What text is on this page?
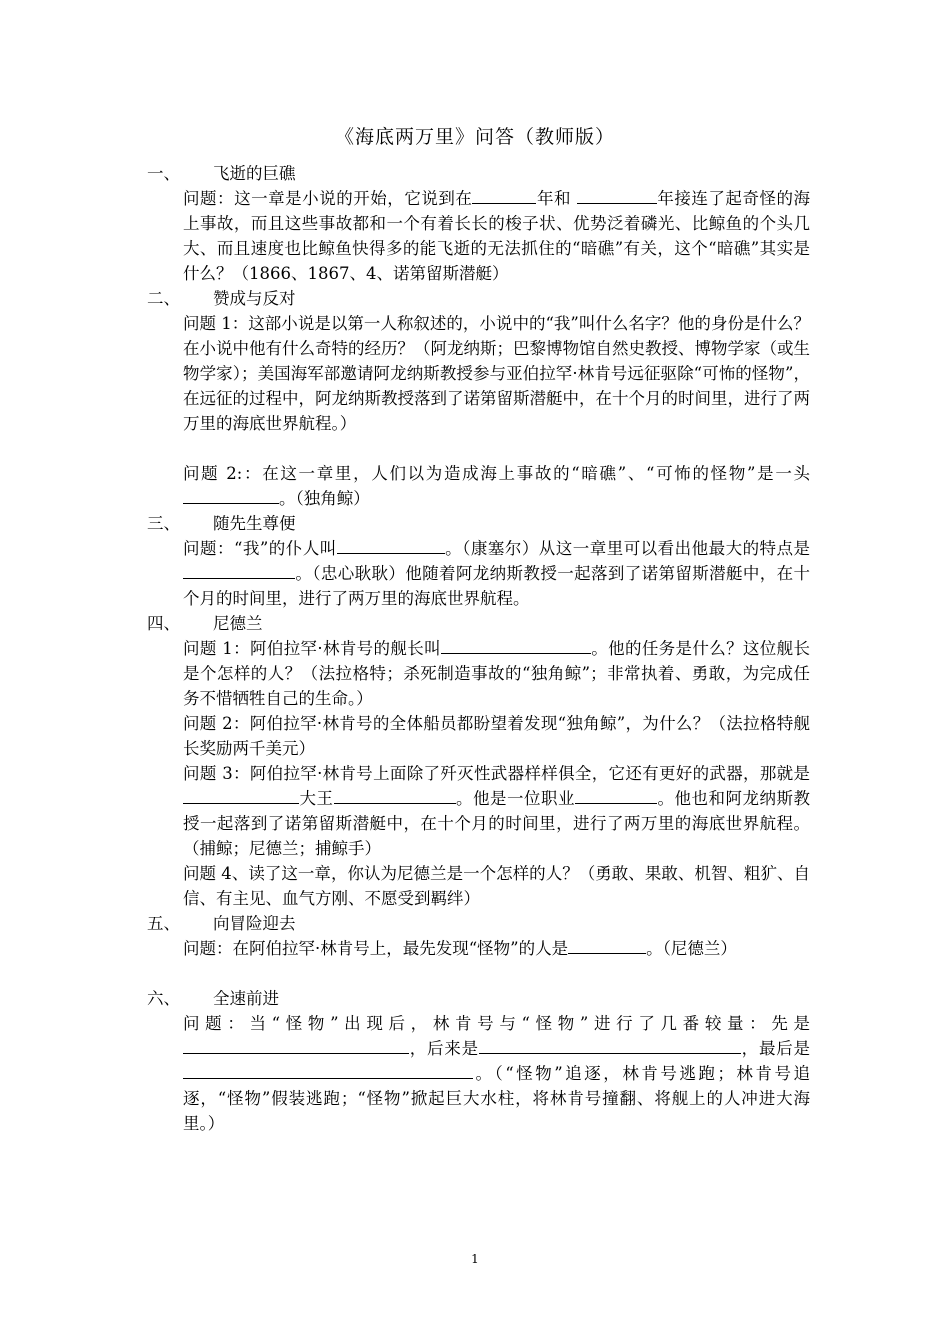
《海底两万里》问答（教师版）
一、 飞逝的巨礁
问题：这一章是小说的开始，它说到在	年和	年接连了起奇怪的海上事故，而且这些事故都和一个有着长长的梭子状、优势泛着磷光、比鲸鱼的个头几大、而且速度也比鲸鱼快得多的能飞逝的无法抓住的“暗礁”有关，这个“暗礁”其实是什么？（1866、1867、4、诺第留斯潜艇）
二、 赞成与反对
问题 1：这部小说是以第一人称叙述的，小说中的“我”叫什么名字？他的身份是什么？在小说中他有什么奇特的经历？（阿龙纳斯；巴黎博物馆自然史教授、博物学家（或生物学家）；美国海军部邀请阿龙纳斯教授参与亚伯拉罕·林肯号远征驱除“可怖的怪物”，在远征的过程中，阿龙纳斯教授落到了诺第留斯潜艇中，在十个月的时间里，进行了两万里的海底世界航程。）
问题 2:：在这一章里，人们以为造成海上事故的“暗礁”、“可怖的怪物”是一头。（独角鲸）
三、 随先生尊便
问题：“我”的仆人叫	。（康塞尔）从这一章里可以看出他最大的特点是。（忠心耿耿）他随着阿龙纳斯教授一起落到了诺第留斯潜艇中，在十个月的时间里，进行了两万里的海底世界航程。
四、 尼德兰
问题 1：阿伯拉罕·林肯号的舰长叫	。他的任务是什么？这位舰长是个怎样的人？（法拉格特；杀死制造事故的“独角鲸”；非常执着、勇敢，为完成任务不惜牺牲自己的生命。）
问题 2：阿伯拉罕·林肯号的全体船员都盼望着发现“独角鲸”，为什么？（法拉格特舰长奖励两千美元）
问题 3：阿伯拉罕·林肯号上面除了歼灭性武器样样俱全，它还有更好的武器，那就是大王	。他是一位职业	。他也和阿龙纳斯教授一起落到了诺第留斯潜艇中，在十个月的时间里，进行了两万里的海底世界航程。（捕鲸；尼德兰；捕鲸手）
问题 4、读了这一章，你认为尼德兰是一个怎样的人？（勇敢、果敢、机智、粗犷、自信、有主见、血气方刚、不愿受到羁绊）
五、 向冒险迎去
问题：在阿伯拉罕·林肯号上，最先发现“怪物”的人是	。（尼德兰）
六、 全速前进
问题：当“怪物”出现后，林肯号与“怪物”进行了几番较量：先是，后来是	，最后是。（“怪物”追逐，林肯号逃跑；林肯号追逐，“怪物”假装逃跑；“怪物”掀起巨大水柱，将林肯号撞翻、将舰上的人冲进大海里。）
1
